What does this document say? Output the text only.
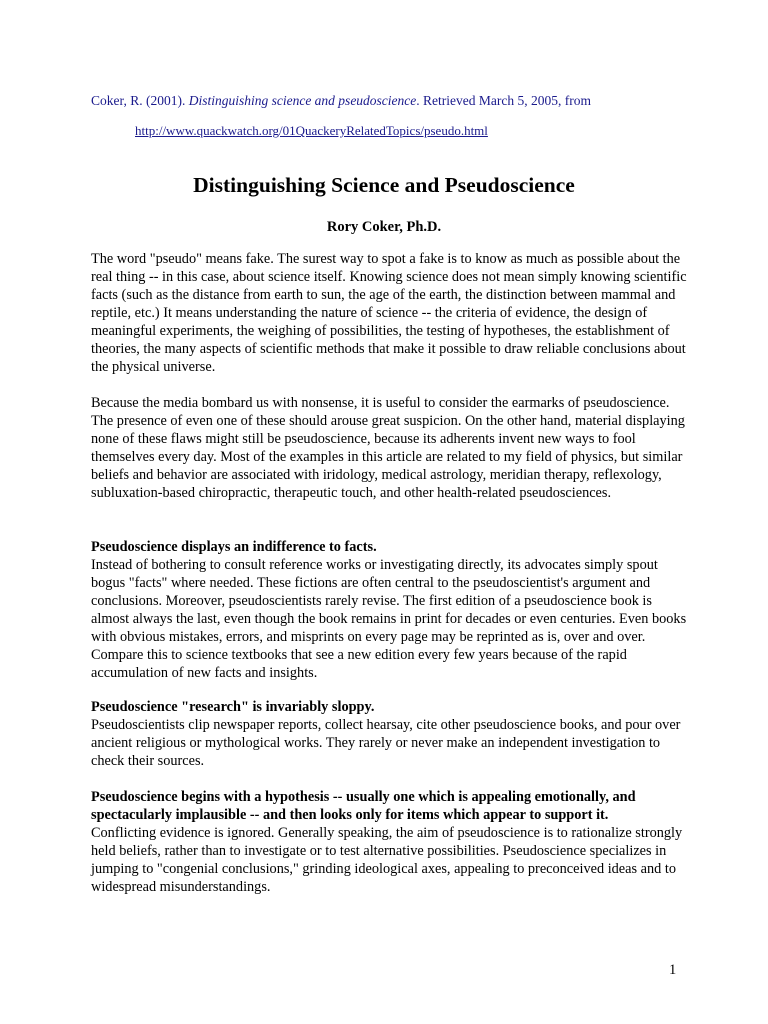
Coker, R. (2001). Distinguishing science and pseudoscience. Retrieved March 5, 2005, from
http://www.quackwatch.org/01QuackeryRelatedTopics/pseudo.html
Distinguishing Science and Pseudoscience
Rory Coker, Ph.D.

The word "pseudo" means fake. The surest way to spot a fake is to know as much as possible about the real thing -- in this case, about science itself. Knowing science does not mean simply knowing scientific facts (such as the distance from earth to sun, the age of the earth, the distinction between mammal and reptile, etc.) It means understanding the nature of science -- the criteria of evidence, the design of meaningful experiments, the weighing of possibilities, the testing of hypotheses, the establishment of theories, the many aspects of scientific methods that make it possible to draw reliable conclusions about the physical universe.

Because the media bombard us with nonsense, it is useful to consider the earmarks of pseudoscience. The presence of even one of these should arouse great suspicion. On the other hand, material displaying none of these flaws might still be pseudoscience, because its adherents invent new ways to fool themselves every day. Most of the examples in this article are related to my field of physics, but similar beliefs and behavior are associated with iridology, medical astrology, meridian therapy, reflexology, subluxation-based chiropractic, therapeutic touch, and other health-related pseudosciences.

Pseudoscience displays an indifference to facts.
Instead of bothering to consult reference works or investigating directly, its advocates simply spout bogus "facts" where needed. These fictions are often central to the pseudoscientist's argument and conclusions. Moreover, pseudoscientists rarely revise. The first edition of a pseudoscience book is almost always the last, even though the book remains in print for decades or even centuries. Even books with obvious mistakes, errors, and misprints on every page may be reprinted as is, over and over. Compare this to science textbooks that see a new edition every few years because of the rapid accumulation of new facts and insights.

Pseudoscience "research" is invariably sloppy.
Pseudoscientists clip newspaper reports, collect hearsay, cite other pseudoscience books, and pour over ancient religious or mythological works. They rarely or never make an independent investigation to check their sources.

Pseudoscience begins with a hypothesis -- usually one which is appealing emotionally, and spectacularly implausible -- and then looks only for items which appear to support it.
Conflicting evidence is ignored. Generally speaking, the aim of pseudoscience is to rationalize strongly held beliefs, rather than to investigate or to test alternative possibilities. Pseudoscience specializes in jumping to "congenial conclusions," grinding ideological axes, appealing to preconceived ideas and to widespread misunderstandings.

1
